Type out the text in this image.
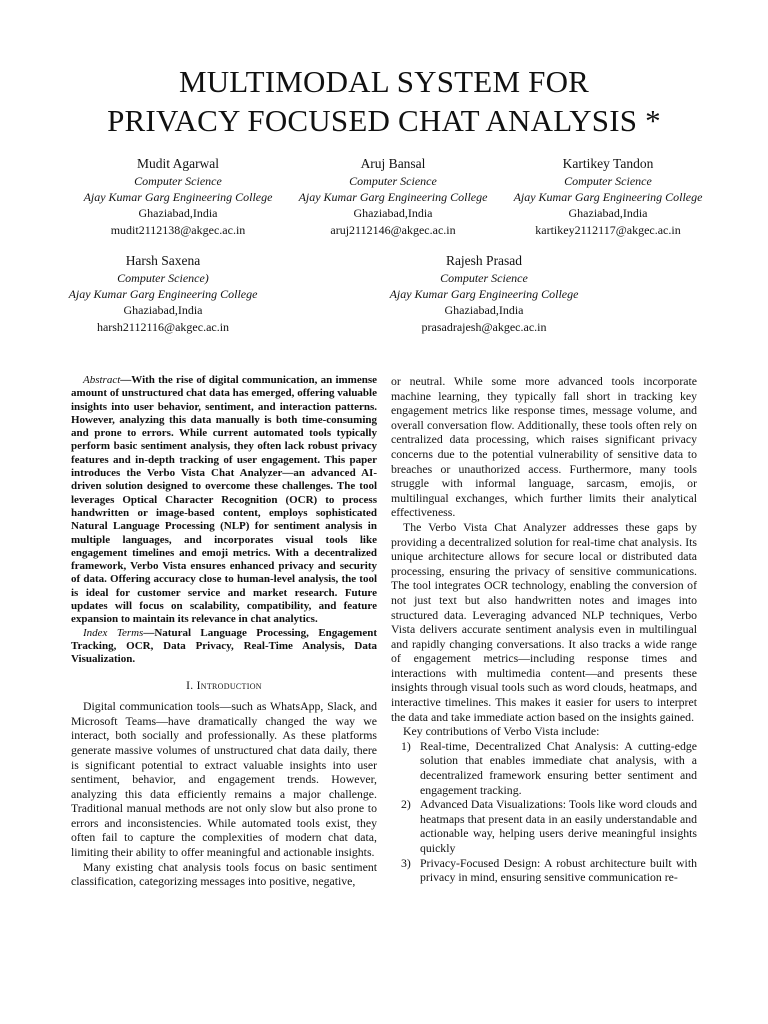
MULTIMODAL SYSTEM FOR
PRIVACY FOCUSED CHAT ANALYSIS *
Mudit Agarwal
Computer Science
Ajay Kumar Garg Engineering College
Ghaziabad,India
mudit2112138@akgec.ac.in
Aruj Bansal
Computer Science
Ajay Kumar Garg Engineering College
Ghaziabad,India
aruj2112146@akgec.ac.in
Kartikey Tandon
Computer Science
Ajay Kumar Garg Engineering College
Ghaziabad,India
kartikey2112117@akgec.ac.in
Harsh Saxena
Computer Science)
Ajay Kumar Garg Engineering College
Ghaziabad,India
harsh2112116@akgec.ac.in
Rajesh Prasad
Computer Science
Ajay Kumar Garg Engineering College
Ghaziabad,India
prasadrajesh@akgec.ac.in

Abstract—With the rise of digital communication, an immense amount of unstructured chat data has emerged, offering valuable insights into user behavior, sentiment, and interaction patterns. However, analyzing this data manually is both time-consuming and prone to errors. While current automated tools typically perform basic sentiment analysis, they often lack robust privacy features and in-depth tracking of user engagement. This paper introduces the Verbo Vista Chat Analyzer—an advanced AI-driven solution designed to overcome these challenges. The tool leverages Optical Character Recognition (OCR) to process handwritten or image-based content, employs sophisticated Natural Language Processing (NLP) for sentiment analysis in multiple languages, and incorporates visual tools like engagement timelines and emoji metrics. With a decentralized framework, Verbo Vista ensures enhanced privacy and security of data. Offering accuracy close to human-level analysis, the tool is ideal for customer service and market research. Future updates will focus on scalability, compatibility, and feature expansion to maintain its relevance in chat analytics.

Index Terms—Natural Language Processing, Engagement Tracking, OCR, Data Privacy, Real-Time Analysis, Data Visualization.

I. Introduction

Digital communication tools—such as WhatsApp, Slack, and Microsoft Teams—have dramatically changed the way we interact, both socially and professionally. As these platforms generate massive volumes of unstructured chat data daily, there is significant potential to extract valuable insights into user sentiment, behavior, and engagement trends. However, analyzing this data efficiently remains a major challenge. Traditional manual methods are not only slow but also prone to errors and inconsistencies. While automated tools exist, they often fail to capture the complexities of modern chat data, limiting their ability to offer meaningful and actionable insights.

Many existing chat analysis tools focus on basic sentiment classification, categorizing messages into positive, negative,

or neutral. While some more advanced tools incorporate machine learning, they typically fall short in tracking key engagement metrics like response times, message volume, and overall conversation flow. Additionally, these tools often rely on centralized data processing, which raises significant privacy concerns due to the potential vulnerability of sensitive data to breaches or unauthorized access. Furthermore, many tools struggle with informal language, sarcasm, emojis, or multilingual exchanges, which further limits their analytical effectiveness.

The Verbo Vista Chat Analyzer addresses these gaps by providing a decentralized solution for real-time chat analysis. Its unique architecture allows for secure local or distributed data processing, ensuring the privacy of sensitive communications. The tool integrates OCR technology, enabling the conversion of not just text but also handwritten notes and images into structured data. Leveraging advanced NLP techniques, Verbo Vista delivers accurate sentiment analysis even in multilingual and rapidly changing conversations. It also tracks a wide range of engagement metrics—including response times and interactions with multimedia content—and presents these insights through visual tools such as word clouds, heatmaps, and interactive timelines. This makes it easier for users to interpret the data and take immediate action based on the insights gained.

Key contributions of Verbo Vista include:

1) Real-time, Decentralized Chat Analysis: A cutting-edge solution that enables immediate chat analysis, with a decentralized framework ensuring better sentiment and engagement tracking.
2) Advanced Data Visualizations: Tools like word clouds and heatmaps that present data in an easily understandable and actionable way, helping users derive meaningful insights quickly
3) Privacy-Focused Design: A robust architecture built with privacy in mind, ensuring sensitive communication re-
